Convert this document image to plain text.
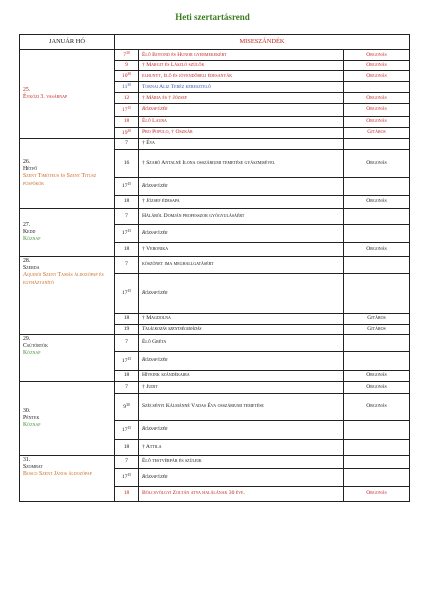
Heti szertartásrend
JANUÁR HÓ	MISESZÁNDÉK		

25.
Évközi 3. vasárnap	$7^{30}$	Élő Botond és Hunor gyermekekért	Orgonás
	9	† Margit és László szülők	Orgonás
	$10^{30}$	elhunyt, élő és jövendőbeli édesanyák	Orgonás
	$11^{30}$	Tornai Aliz Teréz keresztelő	
	12	† Mária és † József	Orgonás
	$17^{15}$	Rózsafüzér	Orgonás
	18	Élő Laura	Orgonás
	$19^{30}$	Pro Populo, † Oszkár	Gitáros

26.
Hétfő
Szent Timóteus és Szent Titusz püspökök	7	† Éva	
	16	† Szabó Antalné Ilona osszáriumi temetése gyászmisével	Orgonás
	$17^{15}$	Rózsafüzér	
	18	† József édesapa	Orgonás

27.
Kedd
Köznap	7	Hálából Domján professzor gyógyulásáért	
	$17^{15}$	Rózsafüzér	
	18	† Veronika	Orgonás

28.
Szerda
Aquinói Szent Tamás áldozópap és egyháztanító	7	köszönet ima meghallgatásért	
	$17^{15}$	Rózsafüzér	
	18	† Magdolna	Gitáros
	19	Találkozás szentségimádás	Gitáros

29.
Csütörtök
Köznap	7	Élő Gréta	
	$17^{15}$	Rózsafüzér	
	18	Híveink szándékaira	Orgonás

30.
Péntek
Köznap	7	† Judit	Orgonás
	$9^{30}$	Szécsényi Kálmánné Vadas Éva osszáriumi temetése	Orgonás
	$17^{15}$	Rózsafüzér	
	18	† Attila	

31.
Szombat
Bosco Szent János áldozópap	7	Élő testvérpár és szüleik	
	$17^{15}$	Rózsafüzér	
	18	Bölcsvölgyi Zoltán atya halálának 30 éve.	Orgonás
